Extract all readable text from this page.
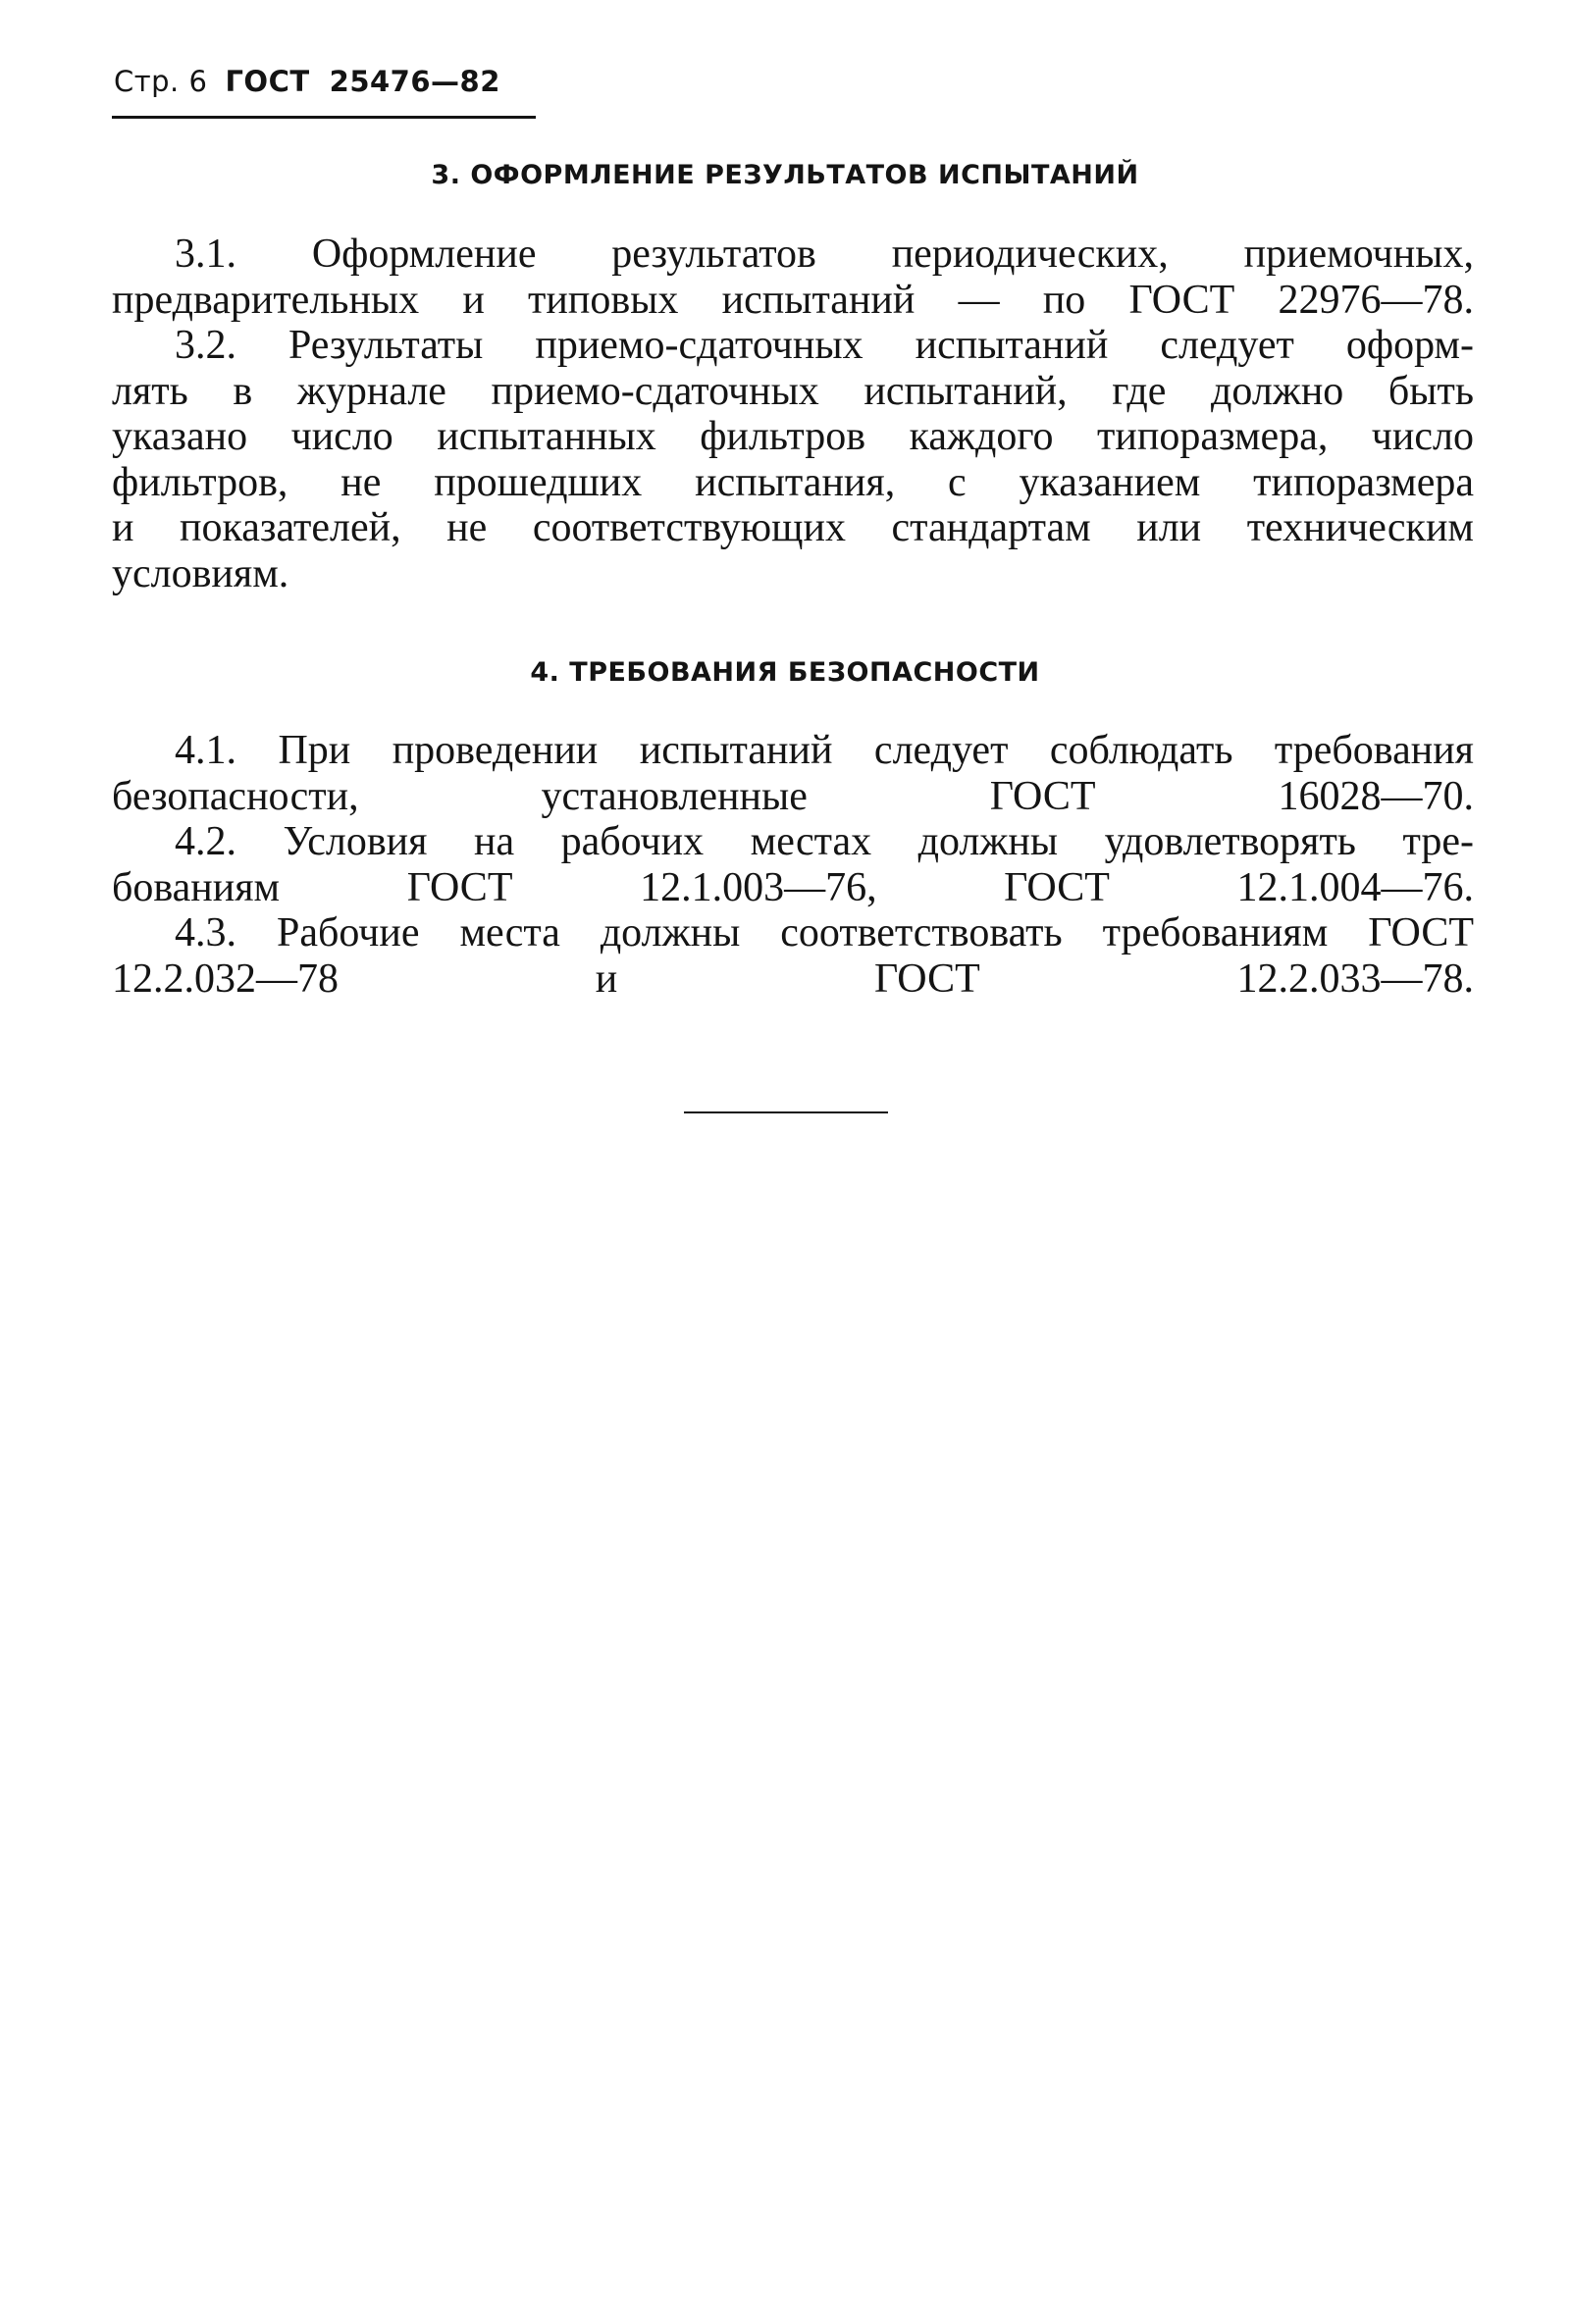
Стр. 6 ГОСТ 25476—82
3. ОФОРМЛЕНИЕ РЕЗУЛЬТАТОВ ИСПЫТАНИЙ
3.1. Оформление результатов периодических, приемочных,
предварительных и типовых испытаний — по ГОСТ 22976—78.
3.2. Результаты приемо-сдаточных испытаний следует оформ-
лять в журнале приемо-сдаточных испытаний, где должно быть
указано число испытанных фильтров каждого типоразмера, число
фильтров, не прошедших испытания, с указанием типоразмера
и показателей, не соответствующих стандартам или техническим
условиям.
4. ТРЕБОВАНИЯ БЕЗОПАСНОСТИ
4.1. При проведении испытаний следует соблюдать требования
безопасности, установленные ГОСТ 16028—70.
4.2. Условия на рабочих местах должны удовлетворять тре-
бованиям ГОСТ 12.1.003—76, ГОСТ 12.1.004—76.
4.3. Рабочие места должны соответствовать требованиям ГОСТ
12.2.032—78 и ГОСТ 12.2.033—78.
